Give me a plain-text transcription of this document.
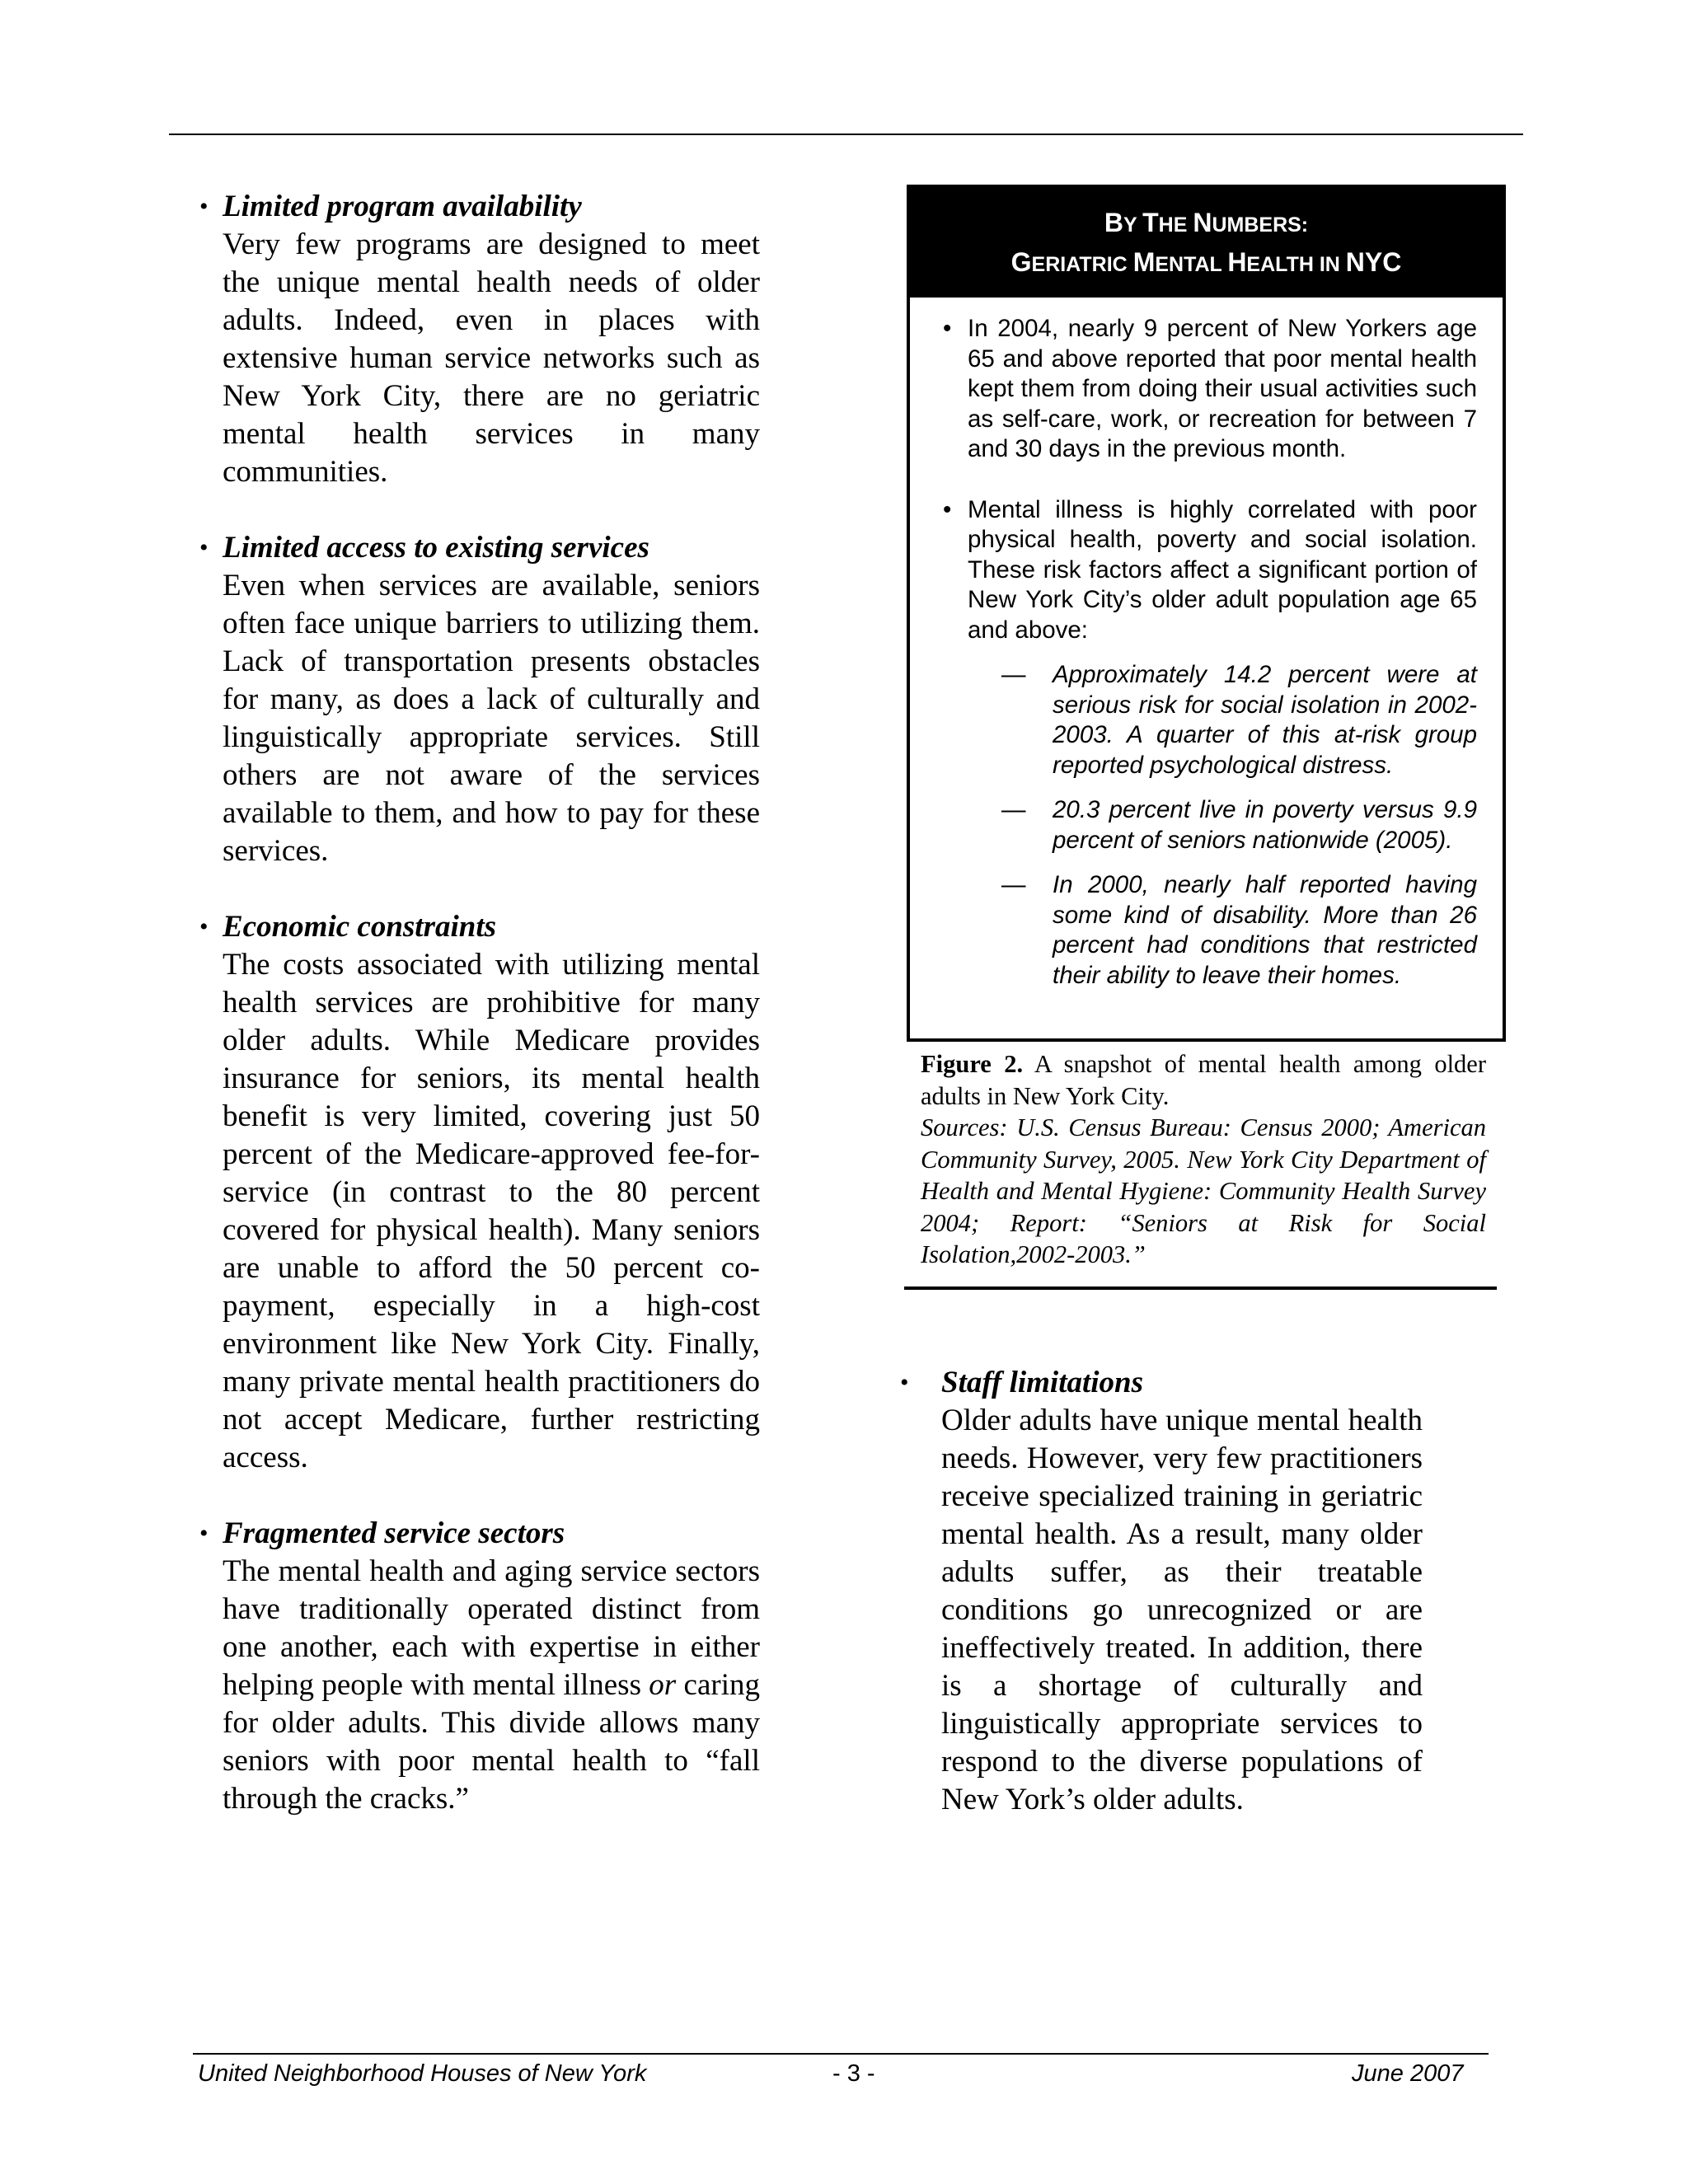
• Limited program availability
Very few programs are designed to meet the unique mental health needs of older adults. Indeed, even in places with extensive human service networks such as New York City, there are no geriatric mental health services in many communities.
• Limited access to existing services
Even when services are available, seniors often face unique barriers to utilizing them. Lack of transportation presents obstacles for many, as does a lack of culturally and linguistically appropriate services. Still others are not aware of the services available to them, and how to pay for these services.
• Economic constraints
The costs associated with utilizing mental health services are prohibitive for many older adults. While Medicare provides insurance for seniors, its mental health benefit is very limited, covering just 50 percent of the Medicare-approved fee-for-service (in contrast to the 80 percent covered for physical health). Many seniors are unable to afford the 50 percent co-payment, especially in a high-cost environment like New York City. Finally, many private mental health practitioners do not accept Medicare, further restricting access.
• Fragmented service sectors
The mental health and aging service sectors have traditionally operated distinct from one another, each with expertise in either helping people with mental illness or caring for older adults. This divide allows many seniors with poor mental health to “fall through the cracks.”
BY THE NUMBERS:
GERIATRIC MENTAL HEALTH IN NYC
• In 2004, nearly 9 percent of New Yorkers age 65 and above reported that poor mental health kept them from doing their usual activities such as self-care, work, or recreation for between 7 and 30 days in the previous month.
• Mental illness is highly correlated with poor physical health, poverty and social isolation. These risk factors affect a significant portion of New York City’s older adult population age 65 and above:
— Approximately 14.2 percent were at serious risk for social isolation in 2002-2003. A quarter of this at-risk group reported psychological distress.
— 20.3 percent live in poverty versus 9.9 percent of seniors nationwide (2005).
— In 2000, nearly half reported having some kind of disability. More than 26 percent had conditions that restricted their ability to leave their homes.
Figure 2. A snapshot of mental health among older adults in New York City.
Sources: U.S. Census Bureau: Census 2000; American Community Survey, 2005. New York City Department of Health and Mental Hygiene: Community Health Survey 2004; Report: “Seniors at Risk for Social Isolation,2002-2003.”
• Staff limitations
Older adults have unique mental health needs. However, very few practitioners receive specialized training in geriatric mental health. As a result, many older adults suffer, as their treatable conditions go unrecognized or are ineffectively treated. In addition, there is a shortage of culturally and linguistically appropriate services to respond to the diverse populations of New York’s older adults.
United Neighborhood Houses of New York	- 3 -	June 2007
